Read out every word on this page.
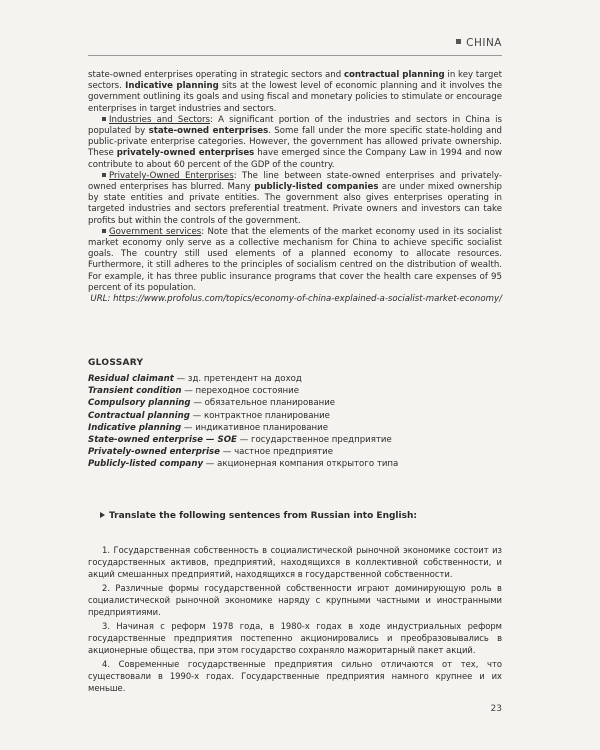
CHINA

state-owned enterprises operating in strategic sectors and contractual planning in key target sectors. Indicative planning sits at the lowest level of economic planning and it involves the government outlining its goals and using fiscal and monetary policies to stimulate or encourage enterprises in target industries and sectors.

Industries and Sectors: A significant portion of the industries and sectors in China is populated by state-owned enterprises. Some fall under the more specific state-holding and public-private enterprise categories. However, the government has allowed private ownership. These privately-owned enterprises have emerged since the Company Law in 1994 and now contribute to about 60 percent of the GDP of the country.

Privately-Owned Enterprises: The line between state-owned enterprises and privately-owned enterprises has blurred. Many publicly-listed companies are under mixed ownership by state entities and private entities. The government also gives enterprises operating in targeted industries and sectors preferential treatment. Private owners and investors can take profits but within the controls of the government.

Government services: Note that the elements of the market economy used in its socialist market economy only serve as a collective mechanism for China to achieve specific socialist goals. The country still used elements of a planned economy to allocate resources. Furthermore, it still adheres to the principles of socialism centred on the distribution of wealth. For example, it has three public insurance programs that cover the health care expenses of 95 percent of its population.

URL: https://www.profolus.com/topics/economy-of-china-explained-a-socialist-market-economy/

GLOSSARY
Residual claimant — зд. претендент на доход
Transient condition — переходное состояние
Compulsory planning — обязательное планирование
Contractual planning — контрактное планирование
Indicative planning — индикативное планирование
State-owned enterprise — SOE — государственное предприятие
Privately-owned enterprise — частное предприятие
Publicly-listed company — акционерная компания открытого типа
Translate the following sentences from Russian into English:

1. Государственная собственность в социалистической рыночной экономике состоит из государственных активов, предприятий, находящихся в коллективной собственности, и акций смешанных предприятий, находящихся в государственной собственности.

2. Различные формы государственной собственности играют доминирующую роль в социалистической рыночной экономике наряду с крупными частными и иностранными предприятиями.

3. Начиная с реформ 1978 года, в 1980-х годах в ходе индустриальных реформ государственные предприятия постепенно акционировались и преобразовывались в акционерные общества, при этом государство сохраняло мажоритарный пакет акций.

4. Современные государственные предприятия сильно отличаются от тех, что существовали в 1990-х годах. Государственные предприятия намного крупнее и их меньше.

23
